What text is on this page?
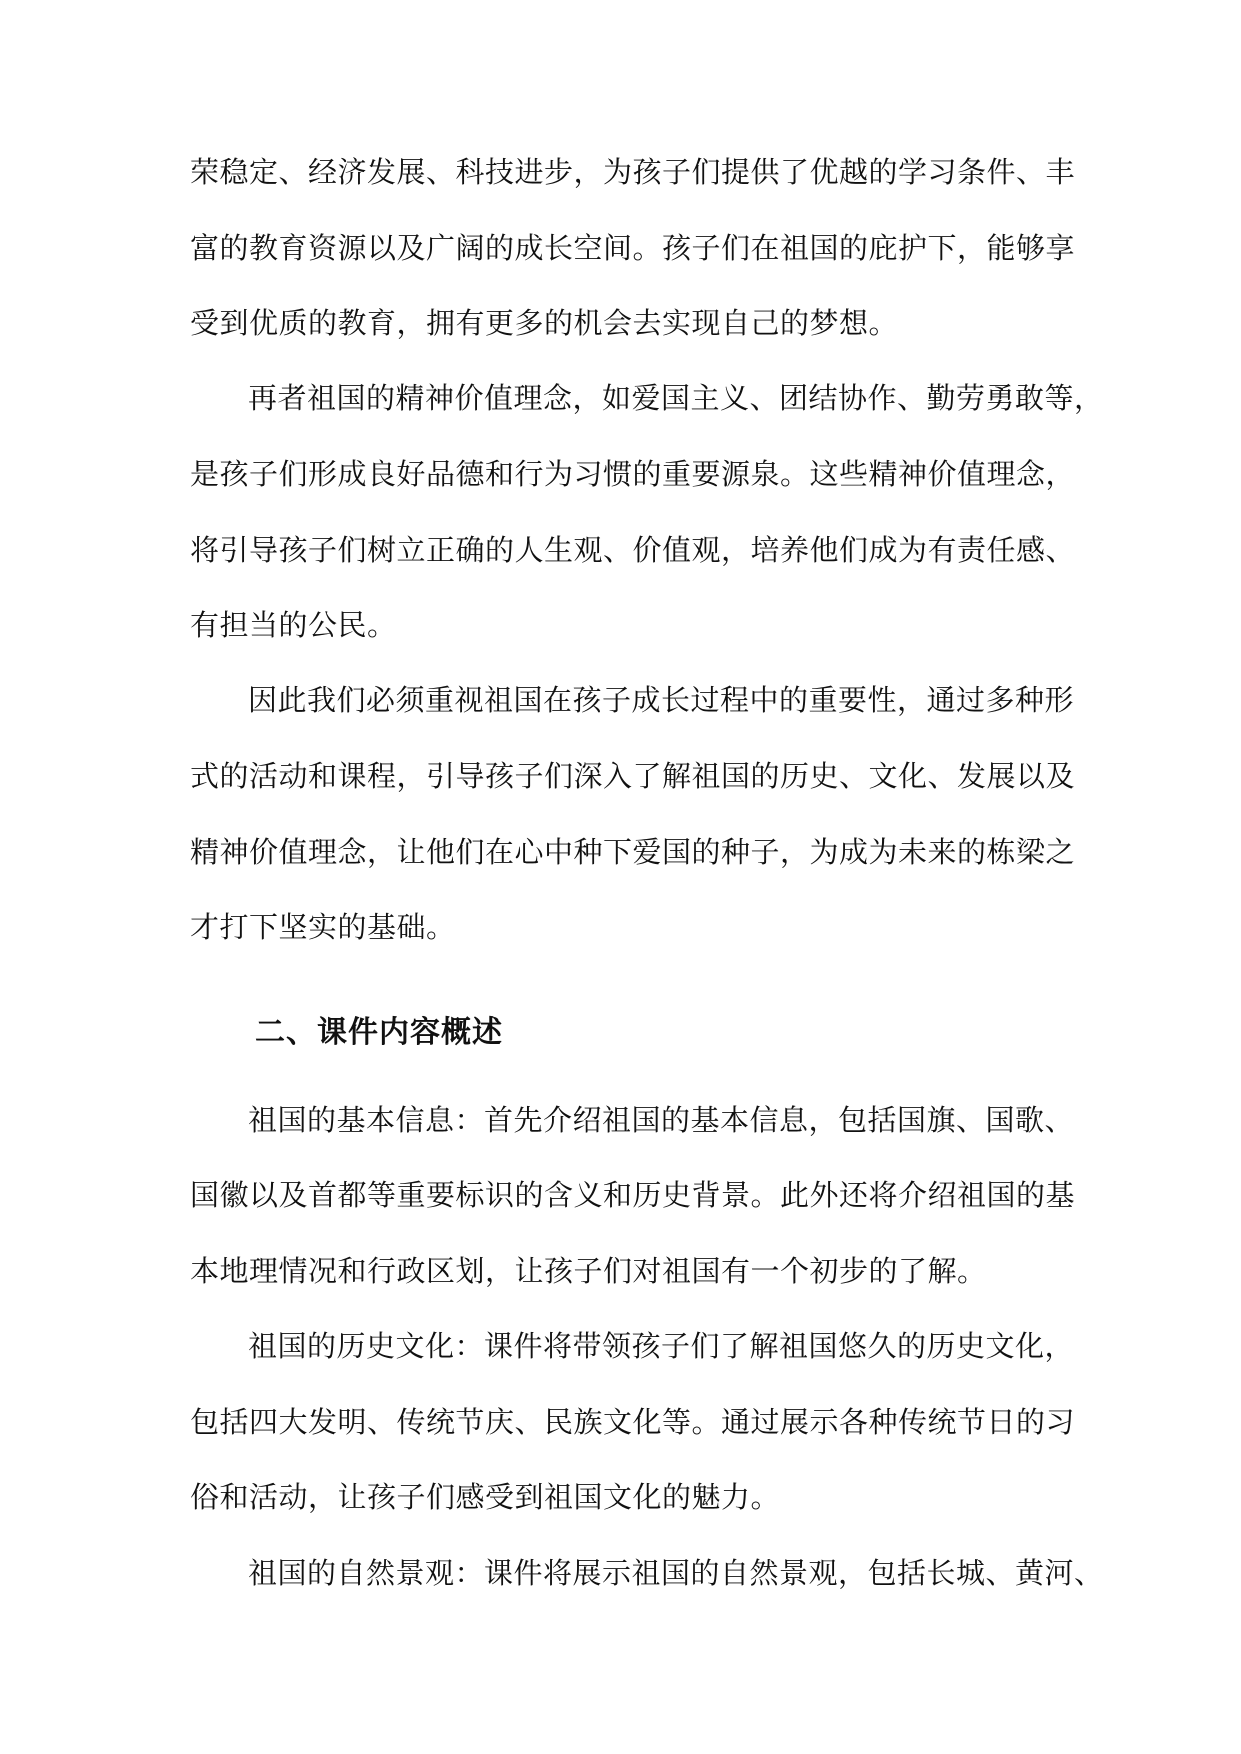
荣稳定、经济发展、科技进步，为孩子们提供了优越的学习条件、丰
富的教育资源以及广阔的成长空间。孩子们在祖国的庇护下，能够享
受到优质的教育，拥有更多的机会去实现自己的梦想。
再者祖国的精神价值理念，如爱国主义、团结协作、勤劳勇敢等，
是孩子们形成良好品德和行为习惯的重要源泉。这些精神价值理念，
将引导孩子们树立正确的人生观、价值观，培养他们成为有责任感、
有担当的公民。
因此我们必须重视祖国在孩子成长过程中的重要性，通过多种形
式的活动和课程，引导孩子们深入了解祖国的历史、文化、发展以及
精神价值理念，让他们在心中种下爱国的种子，为成为未来的栋梁之
才打下坚实的基础。
二、课件内容概述
祖国的基本信息：首先介绍祖国的基本信息，包括国旗、国歌、
国徽以及首都等重要标识的含义和历史背景。此外还将介绍祖国的基
本地理情况和行政区划，让孩子们对祖国有一个初步的了解。
祖国的历史文化：课件将带领孩子们了解祖国悠久的历史文化，
包括四大发明、传统节庆、民族文化等。通过展示各种传统节日的习
俗和活动，让孩子们感受到祖国文化的魅力。
祖国的自然景观：课件将展示祖国的自然景观，包括长城、黄河、
